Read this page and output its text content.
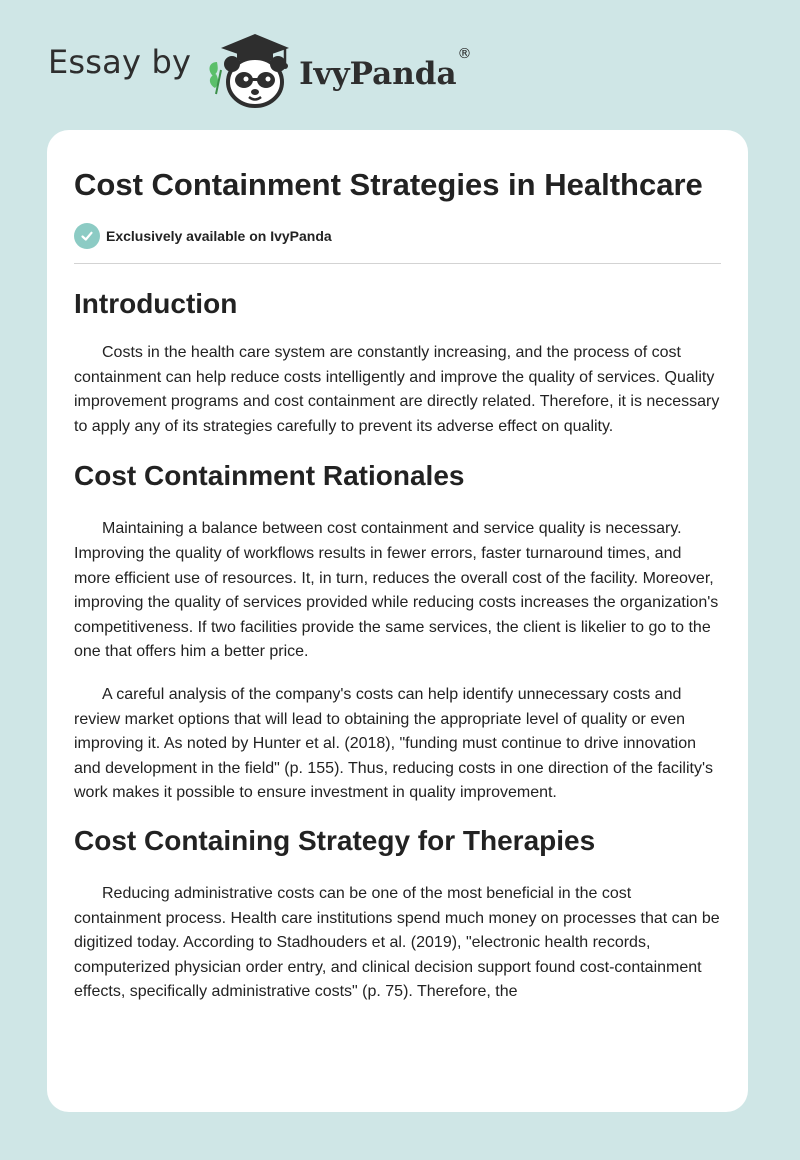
Essay by	IvyPanda
®
Cost Containment Strategies in Healthcare
Exclusively available on IvyPanda
Introduction

Costs in the health care system are constantly increasing, and the process of cost containment can help reduce costs intelligently and improve the quality of services. Quality improvement programs and cost containment are directly related. Therefore, it is necessary to apply any of its strategies carefully to prevent its adverse effect on quality.

Cost Containment Rationales

Maintaining a balance between cost containment and service quality is necessary. Improving the quality of workflows results in fewer errors, faster turnaround times, and more efficient use of resources. It, in turn, reduces the overall cost of the facility. Moreover, improving the quality of services provided while reducing costs increases the organization's competitiveness. If two facilities provide the same services, the client is likelier to go to the one that offers him a better price.

A careful analysis of the company's costs can help identify unnecessary costs and review market options that will lead to obtaining the appropriate level of quality or even improving it. As noted by Hunter et al. (2018), "funding must continue to drive innovation and development in the field" (p. 155). Thus, reducing costs in one direction of the facility's work makes it possible to ensure investment in quality improvement.

Cost Containing Strategy for Therapies

Reducing administrative costs can be one of the most beneficial in the cost containment process. Health care institutions spend much money on processes that can be digitized today. According to Stadhouders et al. (2019), "electronic health records, computerized physician order entry, and clinical decision support found cost-containment effects, specifically administrative costs" (p. 75). Therefore, the
